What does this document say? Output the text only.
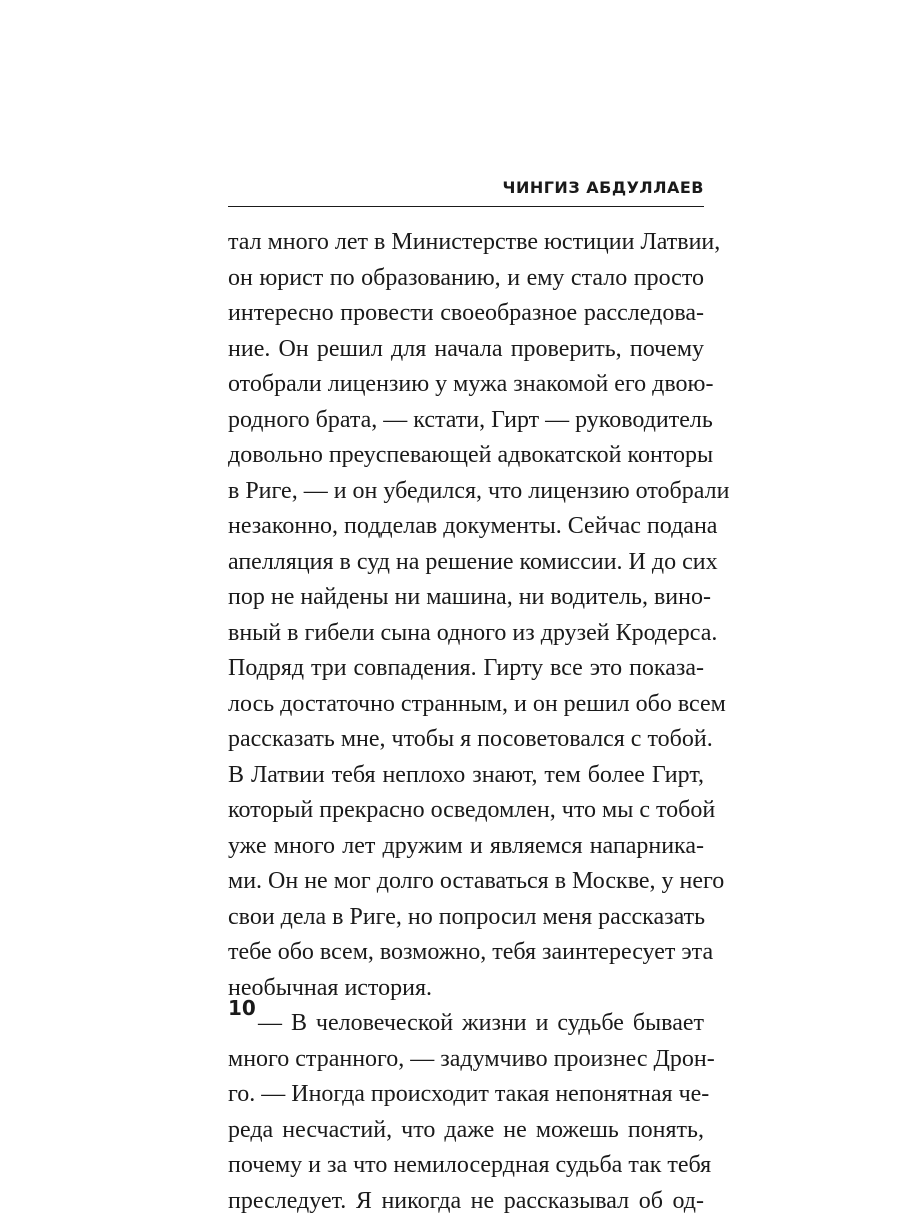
ЧИНГИЗ АБДУЛЛАЕВ
тал много лет в Министерстве юстиции Латвии,
он юрист по образованию, и ему стало просто
интересно провести своеобразное расследова-
ние. Он решил для начала проверить, почему
отобрали лицензию у мужа знакомой его двою-
родного брата, — кстати, Гирт — руководитель
довольно преуспевающей адвокатской конторы
в Риге, — и он убедился, что лицензию отобрали
незаконно, подделав документы. Сейчас подана
апелляция в суд на решение комиссии. И до сих
пор не найдены ни машина, ни водитель, вино-
вный в гибели сына одного из друзей Кродерса.
Подряд три совпадения. Гирту все это показа-
лось достаточно странным, и он решил обо всем
рассказать мне, чтобы я посоветовался с тобой.
В Латвии тебя неплохо знают, тем более Гирт,
который прекрасно осведомлен, что мы с тобой
уже много лет дружим и являемся напарника-
ми. Он не мог долго оставаться в Москве, у него
свои дела в Риге, но попросил меня рассказать
тебе обо всем, возможно, тебя заинтересует эта
необычная история.
— В человеческой жизни и судьбе бывает
много странного, — задумчиво произнес Дрон-
го. — Иногда происходит такая непонятная че-
реда несчастий, что даже не можешь понять,
почему и за что немилосердная судьба так тебя
преследует. Я никогда не рассказывал об од-
10
